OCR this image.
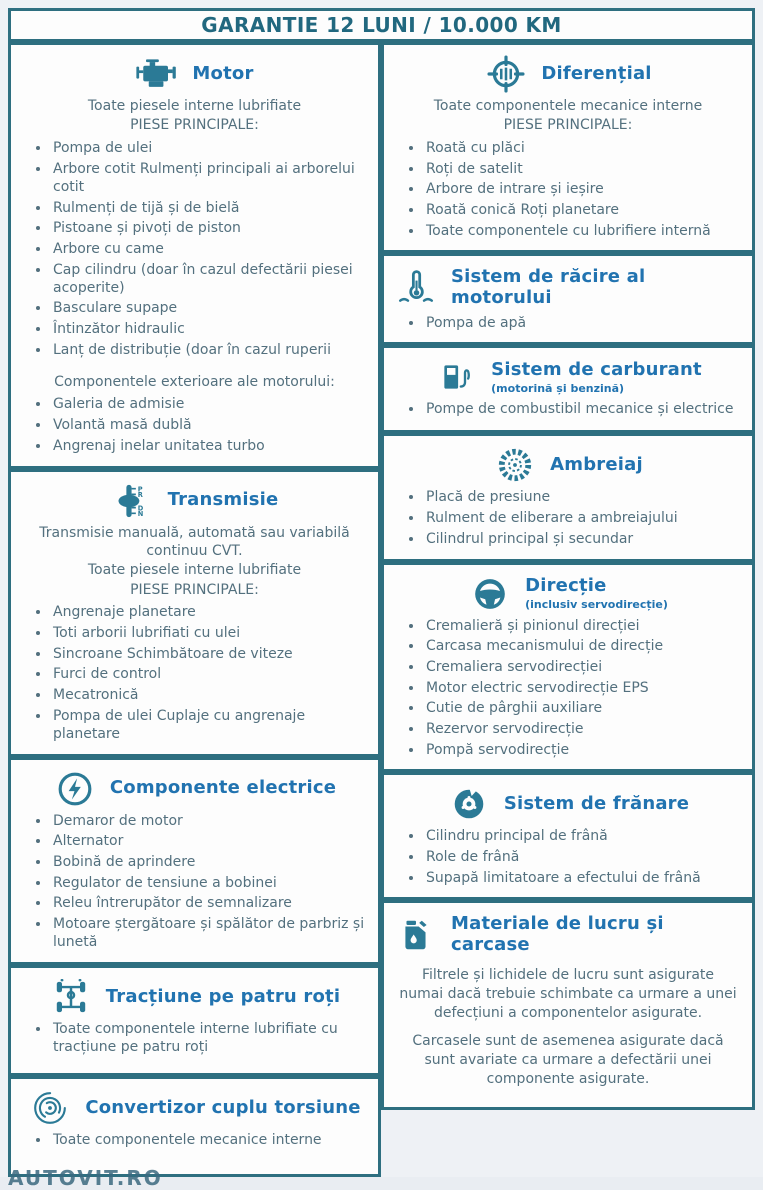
GARANTIE 12 LUNI / 10.000 KM
Motor
Toate piesele interne lubrifiate
PIESE PRINCIPALE:
• Pompa de ulei
• Arbore cotit Rulmenți principali ai arborelui cotit
• Rulmenți de tijă și de bielă
• Pistoane și pivoți de piston
• Arbore cu came
• Cap cilindru (doar în cazul defectării piesei acoperite)
• Basculare supape
• Întinzător hidraulic
• Lanț de distribuție (doar în cazul ruperii
Componentele exterioare ale motorului:
• Galeria de admisie
• Volantă masă dublă
• Angrenaj inelar unitatea turbo
P
R
D
N
Transmisie
Transmisie manuală, automată sau variabilă continuu CVT.
Toate piesele interne lubrifiate
PIESE PRINCIPALE:
• Angrenaje planetare
• Toti arborii lubrifiati cu ulei
• Sincroane Schimbătoare de viteze
• Furci de control
• Mecatronică
• Pompa de ulei Cuplaje cu angrenaje planetare
Componente electrice
• Demaror de motor
• Alternator
• Bobină de aprindere
• Regulator de tensiune a bobinei
• Releu întrerupător de semnalizare
• Motoare ștergătoare și spălător de parbriz și lunetă
Tracțiune pe patru roți
• Toate componentele interne lubrifiate cu tracțiune pe patru roți
Convertizor cuplu torsiune
• Toate componentele mecanice interne
Diferențial
Toate componentele mecanice interne
PIESE PRINCIPALE:
• Roată cu plăci
• Roți de satelit
• Arbore de intrare și ieșire
• Roată conică Roți planetare
• Toate componentele cu lubrifiere internă
Sistem de răcire al motorului
• Pompa de apă
Sistem de carburant
(motorină și benzină)
• Pompe de combustibil mecanice și electrice
Ambreiaj
• Placă de presiune
• Rulment de eliberare a ambreiajului
• Cilindrul principal și secundar
Direcție
(inclusiv servodirecție)
• Cremalieră și pinionul direcției
• Carcasa mecanismului de direcție
• Cremaliera servodirecției
• Motor electric servodirecție EPS
• Cutie de pârghii auxiliare
• Rezervor servodirecție
• Pompă servodirecție
Sistem de frănare
• Cilindru principal de frână
• Role de frână
• Supapă limitatoare a efectului de frână
Materiale de lucru și carcase
Filtrele și lichidele de lucru sunt asigurate numai dacă trebuie schimbate ca urmare a unei defecțiuni a componentelor asigurate.
Carcasele sunt de asemenea asigurate dacă sunt avariate ca urmare a defectării unei componente asigurate.
AUTOVIT.RO
